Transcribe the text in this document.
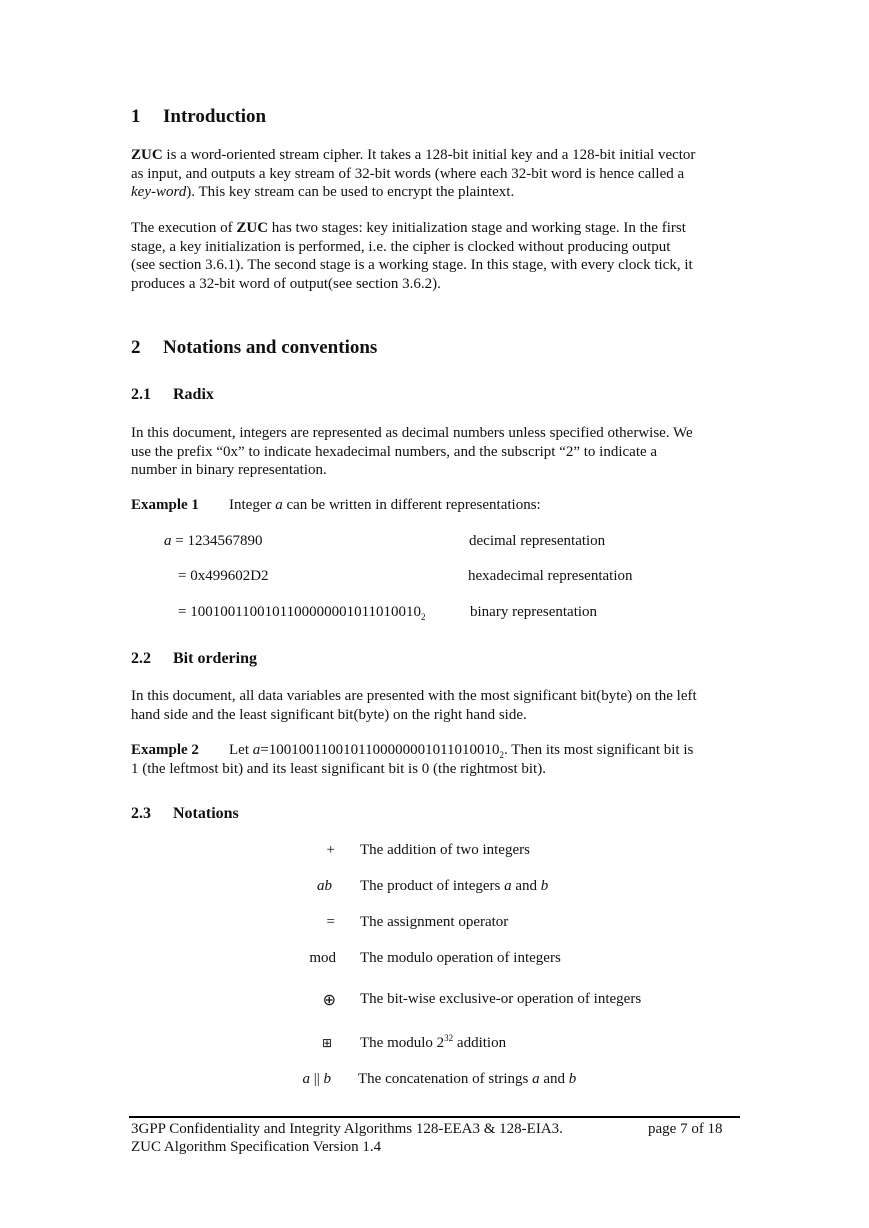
1 Introduction
ZUC is a word-oriented stream cipher. It takes a 128-bit initial key and a 128-bit initial vector
as input, and outputs a key stream of 32-bit words (where each 32-bit word is hence called a
key-word). This key stream can be used to encrypt the plaintext.
The execution of ZUC has two stages: key initialization stage and working stage. In the first
stage, a key initialization is performed, i.e. the cipher is clocked without producing output
(see section 3.6.1). The second stage is a working stage. In this stage, with every clock tick, it
produces a 32-bit word of output(see section 3.6.2).
2 Notations and conventions
2.1 Radix
In this document, integers are represented as decimal numbers unless specified otherwise. We
use the prefix “0x” to indicate hexadecimal numbers, and the subscript “2” to indicate a
number in binary representation.
Example 1 Integer a can be written in different representations:
a = 1234567890	decimal representation
= 0x499602D2	hexadecimal representation
= $1001001100101100000001011010010_2$	binary representation
2.2 Bit ordering
In this document, all data variables are presented with the most significant bit(byte) on the left
hand side and the least significant bit(byte) on the right hand side.
Example 2 Let $a=1001001100101100000001011010010_2$. Then its most significant bit is
1 (the leftmost bit) and its least significant bit is 0 (the rightmost bit).
2.3 Notations
+ The addition of two integers
ab The product of integers a and b
= The assignment operator
mod The modulo operation of integers
⊕ The bit-wise exclusive-or operation of integers
⊞ The modulo $2^{32}$ addition
a || b The concatenation of strings a and b
3GPP Confidentiality and Integrity Algorithms 128-EEA3 & 128-EIA3.	page 7 of 18
ZUC Algorithm Specification Version 1.4
